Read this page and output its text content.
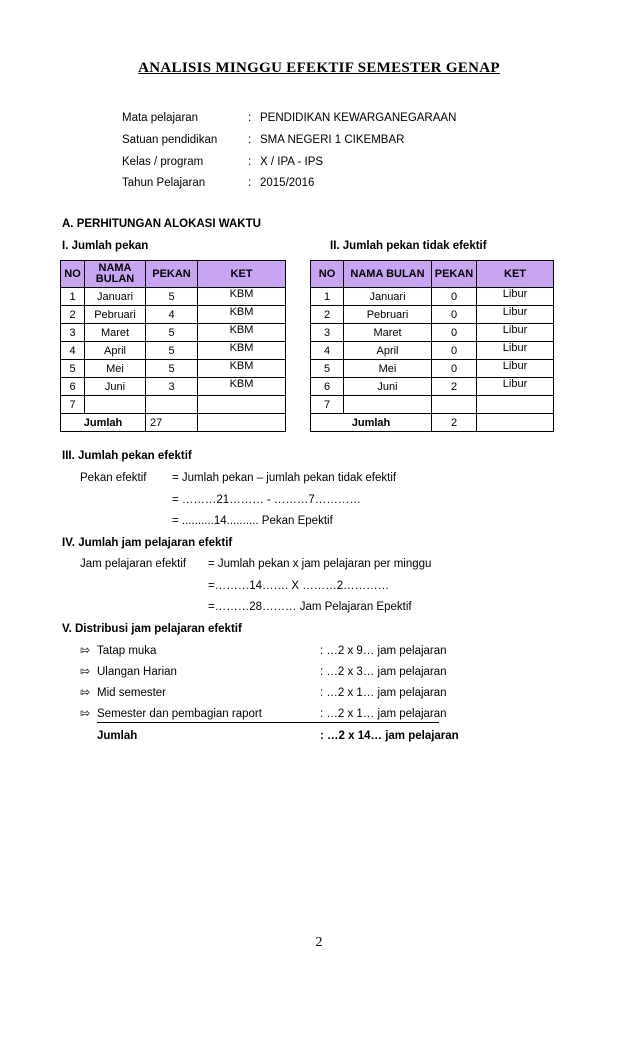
ANALISIS MINGGU EFEKTIF SEMESTER GENAP
Mata pelajaran	: PENDIDIKAN KEWARGANEGARAAN
Satuan pendidikan	: SMA NEGERI 1 CIKEMBAR
Kelas / program	: X / IPA - IPS
Tahun Pelajaran	: 2015/2016
A. PERHITUNGAN ALOKASI WAKTU
I. Jumlah pekan	II. Jumlah pekan tidak efektif
NO	NAMA BULAN	PEKAN	KET
1	Januari	5	KBM
2	Pebruari	4	KBM
3	Maret	5	KBM
4	April	5	KBM
5	Mei	5	KBM
6	Juni	3	KBM
7			
Jumlah		27	
NO	NAMA BULAN	PEKAN	KET
1	Januari	0	Libur
2	Pebruari	0	Libur
3	Maret	0	Libur
4	April	0	Libur
5	Mei	0	Libur
6	Juni	2	Libur
7			
Jumlah		2	
III. Jumlah pekan efektif
Pekan efektif = Jumlah pekan – jumlah pekan tidak efektif
= ………21……… - ………7…………
= ..........14.......... Pekan Epektif
IV. Jumlah jam pelajaran efektif
Jam pelajaran efektif = Jumlah pekan x jam pelajaran per minggu
=………14……. X ………2…………
=………28……… Jam Pelajaran Epektif
V. Distribusi jam pelajaran efektif
⇰ Tatap muka	: …2 x 9… jam pelajaran
⇰ Ulangan Harian	: …2 x 3… jam pelajaran
⇰ Mid semester	: …2 x 1… jam pelajaran
⇰ Semester dan pembagian raport	: …2 x 1… jam pelajaran
Jumlah	: …2 x 14… jam pelajaran
2
